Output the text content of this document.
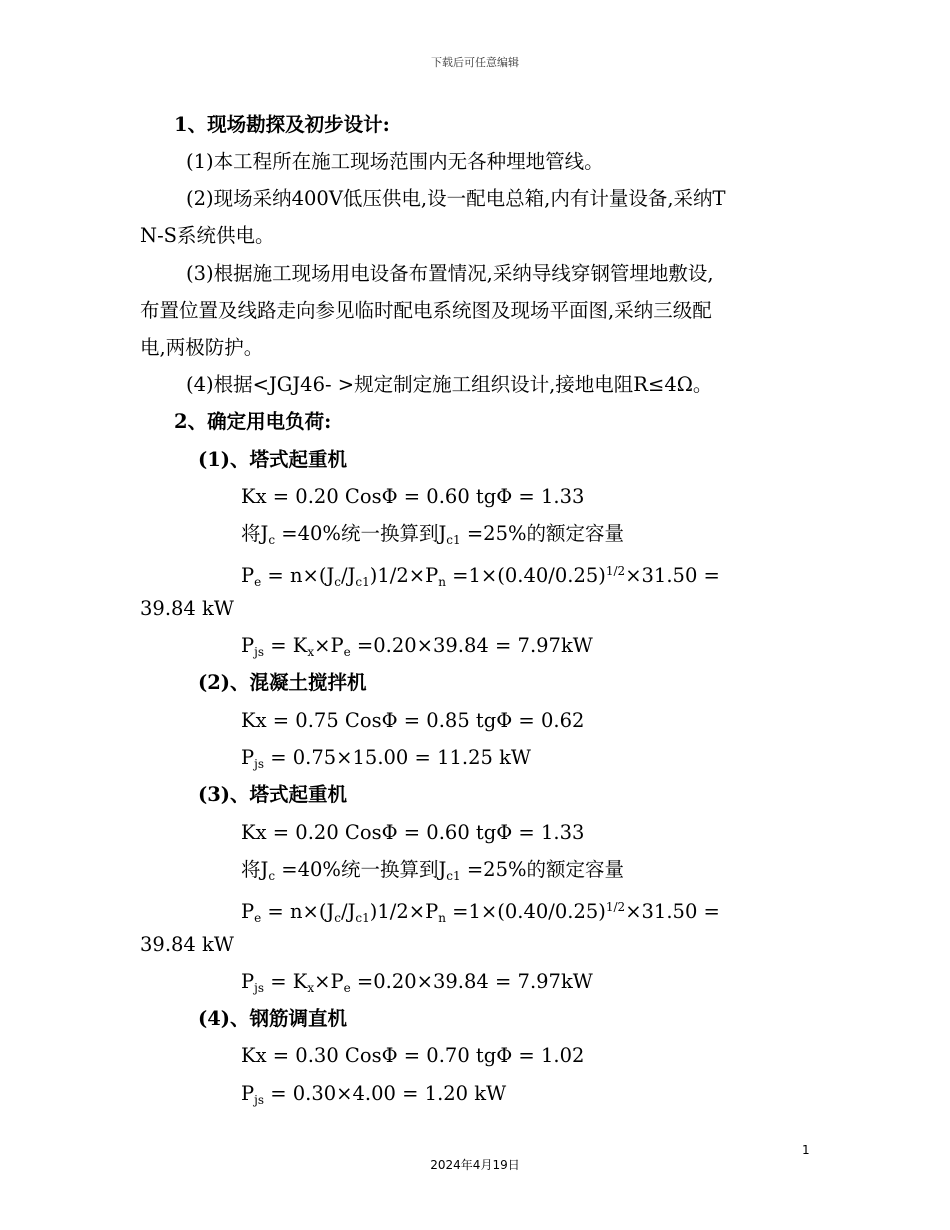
下载后可任意编辑
1、现场勘探及初步设计:
(1)本工程所在施工现场范围内无各种埋地管线。
(2)现场采纳400V低压供电,设一配电总箱,内有计量设备,采纳T
N-S系统供电。
(3)根据施工现场用电设备布置情况,采纳导线穿钢管埋地敷设,
布置位置及线路走向参见临时配电系统图及现场平面图,采纳三级配
电,两极防护。
(4)根据<JGJ46- >规定制定施工组织设计,接地电阻R≤4Ω。
2、确定用电负荷:
(1)、塔式起重机
Kx = 0.20 CosΦ = 0.60 tgΦ = 1.33
将$J_c =40\%$统一换算到$J_{c1} =25\%$的额定容量
$P_e = n\times(J_c/J_{c1})1/2\times P_n =1\times(0.40/0.25)^{1/2}\times 31.50$ =
39.84 kW
$P_{js} = K_x\times P_e =0.20\times 39.84 = 7.97kW$
(2)、混凝土搅拌机
Kx = 0.75 CosΦ = 0.85 tgΦ = 0.62
$P_{js} = 0.75\times 15.00 = 11.25$ kW
(3)、塔式起重机
Kx = 0.20 CosΦ = 0.60 tgΦ = 1.33
将$J_c =40\%$统一换算到$J_{c1} =25\%$的额定容量
$P_e = n\times(J_c/J_{c1})1/2\times P_n =1\times(0.40/0.25)^{1/2}\times 31.50$ =
39.84 kW
$P_{js} = K_x\times P_e =0.20\times 39.84 = 7.97kW$
(4)、钢筋调直机
Kx = 0.30 CosΦ = 0.70 tgΦ = 1.02
$P_{js} = 0.30\times 4.00 = 1.20$ kW
1
2024年4月19日
